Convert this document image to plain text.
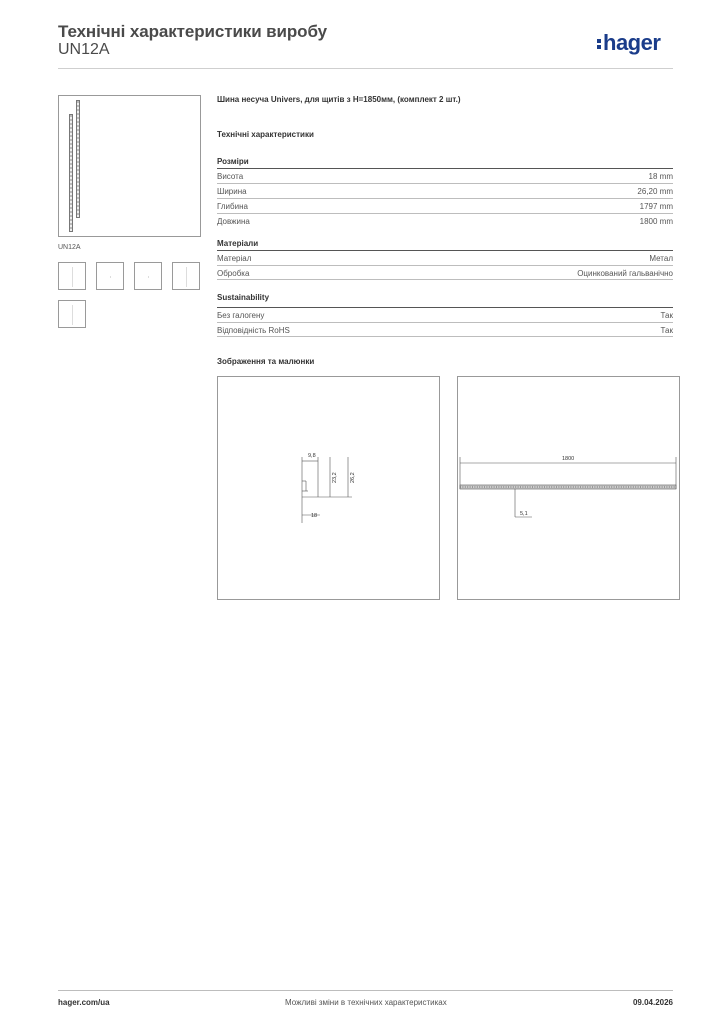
Технічні характеристики виробу
UN12A	hager
UN12A
Шина несуча Univers, для щитів з H=1850мм, (комплект 2 шт.)
Технічні характеристики
Розміри
Висота	18 mm
Ширина	26,20 mm
Глибина	1797 mm
Довжина	1800 mm
Матеріали
Матеріал	Метал
Обробка	Оцинкований гальванічно
Sustainability
Без галогену	Так
Відповідність RoHS	Так
Зображення та малюнки
9,8
23,2 26,2
18
1800
5,1
hager.com/ua	Можливі зміни в технічних характеристиках	09.04.2026
